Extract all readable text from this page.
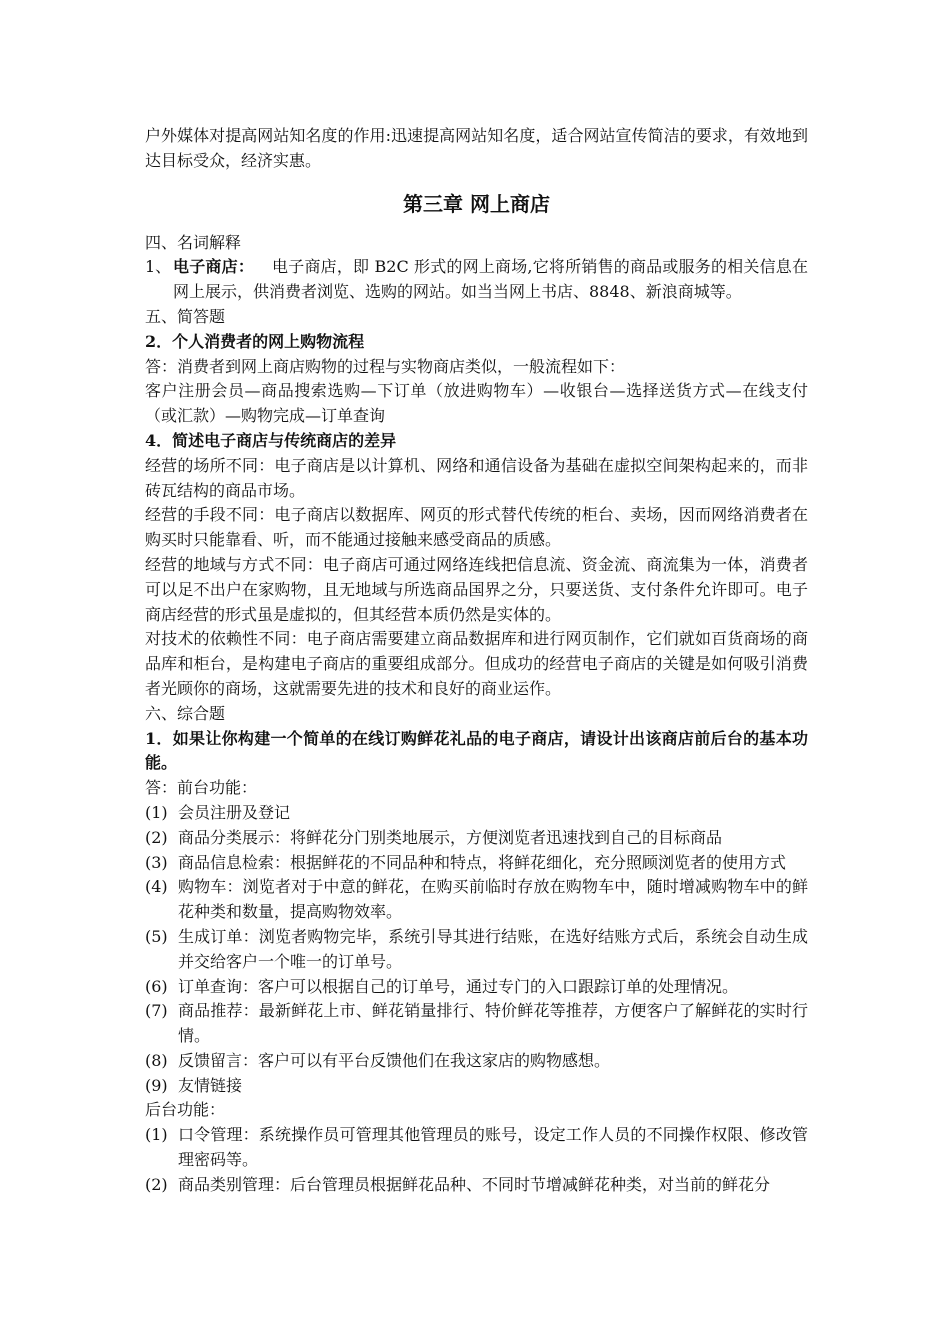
户外媒体对提高网站知名度的作用:迅速提高网站知名度，适合网站宣传简洁的要求，有效地到达目标受众，经济实惠。

第三章 网上商店

四、名词解释

1、 电子商店： 电子商店，即 B2C 形式的网上商场,它将所销售的商品或服务的相关信息在网上展示，供消费者浏览、选购的网站。如当当网上书店、8848、新浪商城等。

五、简答题

2．个人消费者的网上购物流程

答：消费者到网上商店购物的过程与实物商店类似，一般流程如下：

客户注册会员—商品搜索选购—下订单（放进购物车）—收银台—选择送货方式—在线支付（或汇款）—购物完成—订单查询

4．简述电子商店与传统商店的差异

经营的场所不同：电子商店是以计算机、网络和通信设备为基础在虚拟空间架构起来的，而非砖瓦结构的商品市场。

经营的手段不同：电子商店以数据库、网页的形式替代传统的柜台、卖场，因而网络消费者在购买时只能靠看、听，而不能通过接触来感受商品的质感。

经营的地域与方式不同：电子商店可通过网络连线把信息流、资金流、商流集为一体，消费者可以足不出户在家购物，且无地域与所选商品国界之分，只要送货、支付条件允许即可。电子商店经营的形式虽是虚拟的，但其经营本质仍然是实体的。

对技术的依赖性不同：电子商店需要建立商品数据库和进行网页制作，它们就如百货商场的商品库和柜台，是构建电子商店的重要组成部分。但成功的经营电子商店的关键是如何吸引消费者光顾你的商场，这就需要先进的技术和良好的商业运作。

六、综合题

1．如果让你构建一个简单的在线订购鲜花礼品的电子商店，请设计出该商店前后台的基本功能。

答：前台功能：

(1) 会员注册及登记
(2) 商品分类展示：将鲜花分门别类地展示，方便浏览者迅速找到自己的目标商品
(3) 商品信息检索：根据鲜花的不同品种和特点，将鲜花细化，充分照顾浏览者的使用方式
(4) 购物车：浏览者对于中意的鲜花，在购买前临时存放在购物车中，随时增减购物车中的鲜花种类和数量，提高购物效率。
(5) 生成订单：浏览者购物完毕，系统引导其进行结账，在选好结账方式后，系统会自动生成并交给客户一个唯一的订单号。
(6) 订单查询：客户可以根据自己的订单号，通过专门的入口跟踪订单的处理情况。
(7) 商品推荐：最新鲜花上市、鲜花销量排行、特价鲜花等推荐，方便客户了解鲜花的实时行情。
(8) 反馈留言：客户可以有平台反馈他们在我这家店的购物感想。
(9) 友情链接

后台功能：

(1) 口令管理：系统操作员可管理其他管理员的账号，设定工作人员的不同操作权限、修改管理密码等。
(2) 商品类别管理：后台管理员根据鲜花品种、不同时节增减鲜花种类，对当前的鲜花分
